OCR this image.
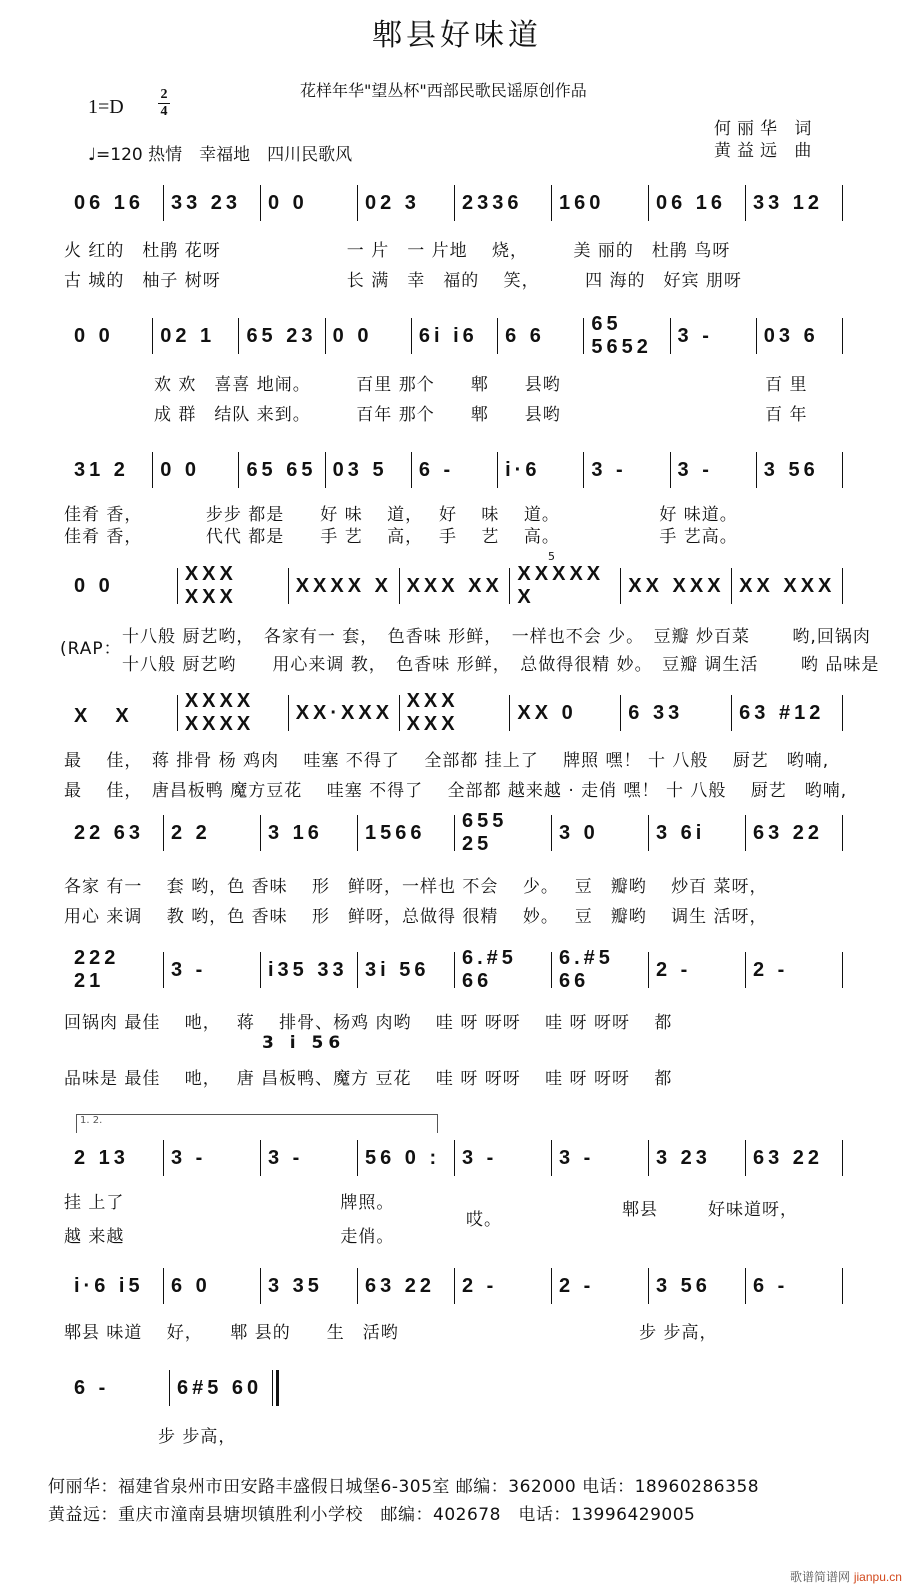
郫县好味道
花样年华"望丛杯"西部民歌民谣原创作品
1=D
2
4
♩=120 热情　幸福地　四川民歌风
何丽华 词
黄益远 曲
06 16	33 23	0 0	02 3	2336	160	06 16	33 12
火 红的　杜鹃 花呀　　　　　　　一 片　一 片地　 烧，　　　美 丽的　杜鹃 鸟呀
古 城的　柚子 树呀　　　　　　　长 满　幸　福的　 笑，　　　四 海的　好宾 朋呀
0 0	02 1	65 23 0 0	6i i6	6 6
65 5652
3 -	03 6
　　　　　欢 欢　喜喜 地闹。　　　百里 那个　　郫　　县哟　　　　　　　　　　　 百 里
　　　　　成 群　结队 来到。　　　百年 那个　　郫　　县哟　　　　　　　　　　　 百 年
31 2	0 0	65 65 03 5	6 -	i·6	3 -	3 -	3 56
佳肴 香，　　　　步步 都是　　好 味　 道，　 好　 味　 道。　　　　　　好 味道。
佳肴 香，　　　　代代 都是　　手 艺　 高，　 手　 艺　 高。　　　　　　手 艺高。
0 0
XXX XXX
XXXX X XXX XX
XXXXX X
XX XXX XX XXX
5
(RAP：
十八般 厨艺哟，　各家有一 套，　色香味 形鲜，　一样也不会 少。　豆瓣 炒百菜　　 哟,回锅肉
十八般 厨艺哟　　用心来调 教，　色香味 形鲜，　总做得很精 妙。　豆瓣 调生活　　 哟 品味是
X　X
XXXX XXXX
XX·XXX
XXX XXX
XX 0	6 33	63 #12
最　 佳，　蒋 排骨 杨 鸡肉　 哇塞 不得了　 全部都 挂上了　 牌照 嘿！ 十 八般　 厨艺　哟喃,
最　 佳，　唐昌板鸭 魔方豆花　 哇塞 不得了　 全部都 越来越 · 走俏 嘿！ 十 八般　 厨艺　哟喃,
22 63	2 2	3 16	1566
655 25
3 0	3 6i	63 22
各家 有一　 套 哟，色 香味　 形　鲜呀，一样也 不会　 少。　 豆　瓣哟　 炒百 菜呀，
用心 来调　 教 哟，色 香味　 形　鲜呀，总做得 很精　 妙。　 豆　瓣哟　 调生 活呀，
222 21
3 -	i35 33 3i 56
6.#5 66
6.#5 66
2 -	2 -
3 i 56
回锅肉 最佳　 吔，　 蒋　 排骨、杨鸡 肉哟　 哇 呀 呀呀　 哇 呀 呀呀　 都
品味是 最佳　 吔，　 唐 昌板鸭、魔方 豆花　 哇 呀 呀呀　 哇 呀 呀呀　 都
2 13	3 -	3 -	56 0 :	3 -	3 -	3 23	63 22
1. 2.
挂 上了　　　　　　　　　　　　牌照。
越 来越　　　　　　　　　　　　走俏。
哎。	郫县	好味道呀，
i·6 i5	6 0	3 35	63 22	2 -	2 -	3 56	6 -
郫县 味道　 好，　　郫 县的　　生　活哟　　　　　　　　　　　　　 步 步高，
6 -	6#5 60
步 步高，
何丽华：福建省泉州市田安路丰盛假日城堡6-305室 邮编：362000 电话：18960286358
黄益远：重庆市潼南县塘坝镇胜利小学校　邮编：402678　电话：13996429005
歌谱简谱网 jianpu.cn
